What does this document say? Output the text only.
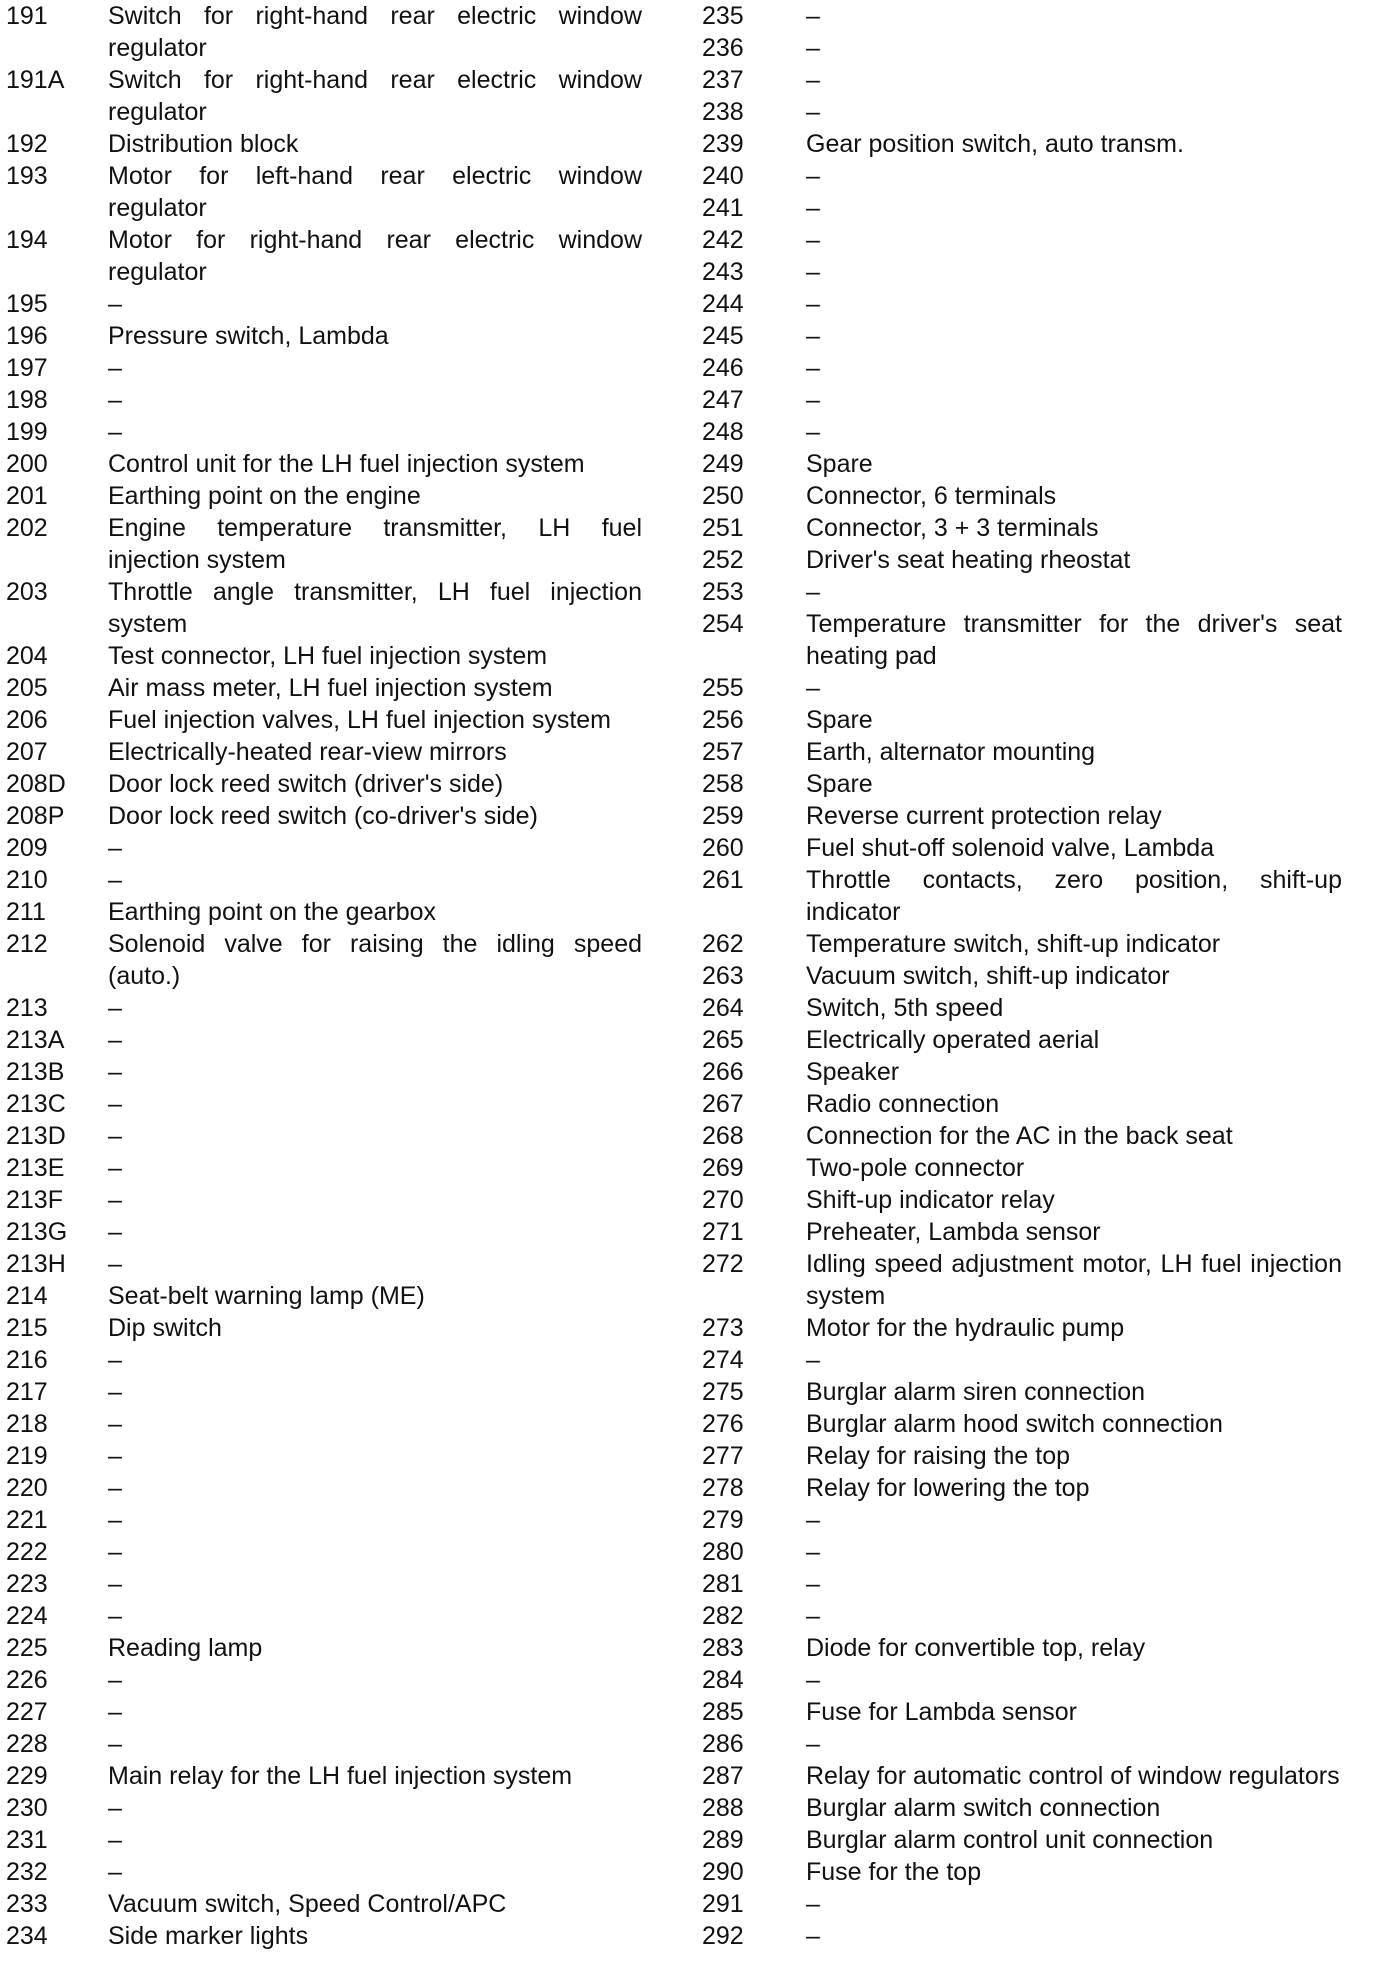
191	Switch for right-hand rear electric window regulator
191A	Switch for right-hand rear electric window regulator
192	Distribution block
193	Motor for left-hand rear electric window regulator
194	Motor for right-hand rear electric window regulator
195	–
196	Pressure switch, Lambda
197	–
198	–
199	–
200	Control unit for the LH fuel injection system
201	Earthing point on the engine
202	Engine temperature transmitter, LH fuel injection system
203	Throttle angle transmitter, LH fuel injection system
204	Test connector, LH fuel injection system
205	Air mass meter, LH fuel injection system
206	Fuel injection valves, LH fuel injection system
207	Electrically-heated rear-view mirrors
208D	Door lock reed switch (driver's side)
208P	Door lock reed switch (co-driver's side)
209	–
210	–
211	Earthing point on the gearbox
212	Solenoid valve for raising the idling speed (auto.)
213	–
213A	–
213B	–
213C	–
213D	–
213E	–
213F	–
213G	–
213H	–
214	Seat-belt warning lamp (ME)
215	Dip switch
216	–
217	–
218	–
219	–
220	–
221	–
222	–
223	–
224	–
225	Reading lamp
226	–
227	–
228	–
229	Main relay for the LH fuel injection system
230	–
231	–
232	–
233	Vacuum switch, Speed Control/APC
234	Side marker lights
235	–
236	–
237	–
238	–
239	Gear position switch, auto transm.
240	–
241	–
242	–
243	–
244	–
245	–
246	–
247	–
248	–
249	Spare
250	Connector, 6 terminals
251	Connector, 3 + 3 terminals
252	Driver's seat heating rheostat
253	–
254	Temperature transmitter for the driver's seat heating pad
255	–
256	Spare
257	Earth, alternator mounting
258	Spare
259	Reverse current protection relay
260	Fuel shut-off solenoid valve, Lambda
261	Throttle contacts, zero position, shift-up indicator
262	Temperature switch, shift-up indicator
263	Vacuum switch, shift-up indicator
264	Switch, 5th speed
265	Electrically operated aerial
266	Speaker
267	Radio connection
268	Connection for the AC in the back seat
269	Two-pole connector
270	Shift-up indicator relay
271	Preheater, Lambda sensor
272	Idling speed adjustment motor, LH fuel injection system
273	Motor for the hydraulic pump
274	–
275	Burglar alarm siren connection
276	Burglar alarm hood switch connection
277	Relay for raising the top
278	Relay for lowering the top
279	–
280	–
281	–
282	–
283	Diode for convertible top, relay
284	–
285	Fuse for Lambda sensor
286	–
287	Relay for automatic control of window regulators
288	Burglar alarm switch connection
289	Burglar alarm control unit connection
290	Fuse for the top
291	–
292	–
